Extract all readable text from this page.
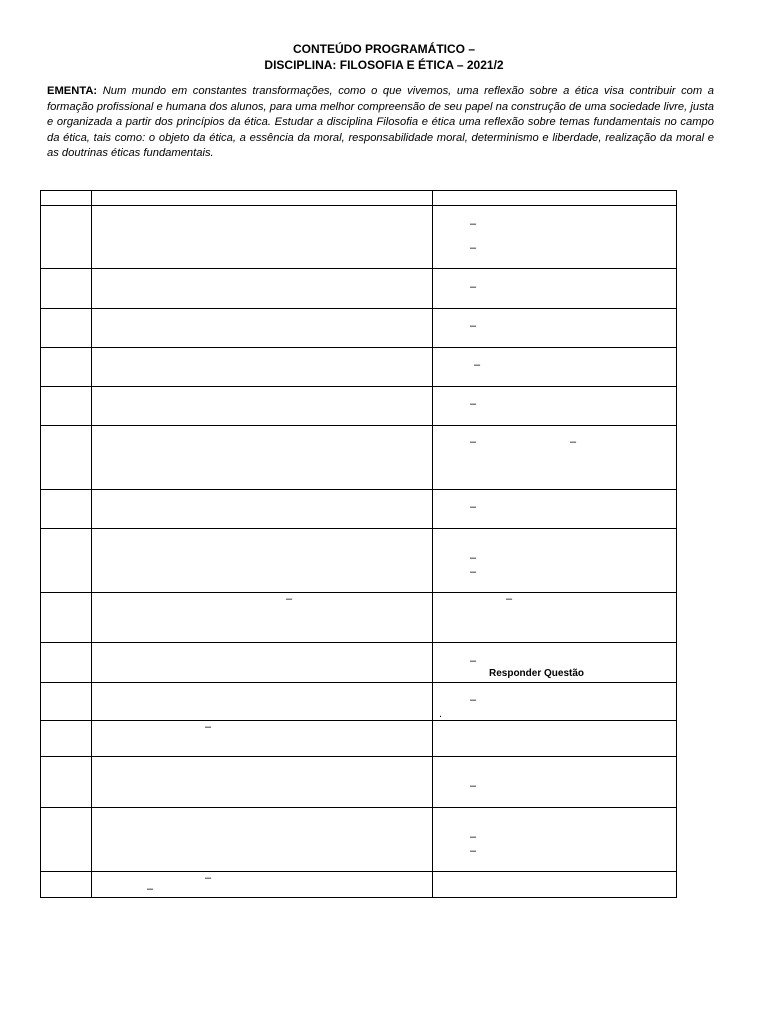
CONTEÚDO PROGRAMÁTICO –

DISCIPLINA: FILOSOFIA E ÉTICA – 2021/2

EMENTA: Num mundo em constantes transformações, como o que vivemos, uma reflexão sobre a ética visa contribuir com a formação profissional e humana dos alunos, para uma melhor compreensão de seu papel na construção de uma sociedade livre, justa e organizada a partir dos princípios da ética. Estudar a disciplina Filosofia e ética uma reflexão sobre temas fundamentais no campo da ética, tais como: o objeto da ética, a essência da moral, responsabilidade moral, determinismo e liberdade, realização da moral e as doutrinas éticas fundamentais.

		–
–

		–

		–

		–

		–

		– –

		–

		–
–

	–	–

		–
Responder Questão

		–
.

	–	

		–

		–
–

	–
–	
